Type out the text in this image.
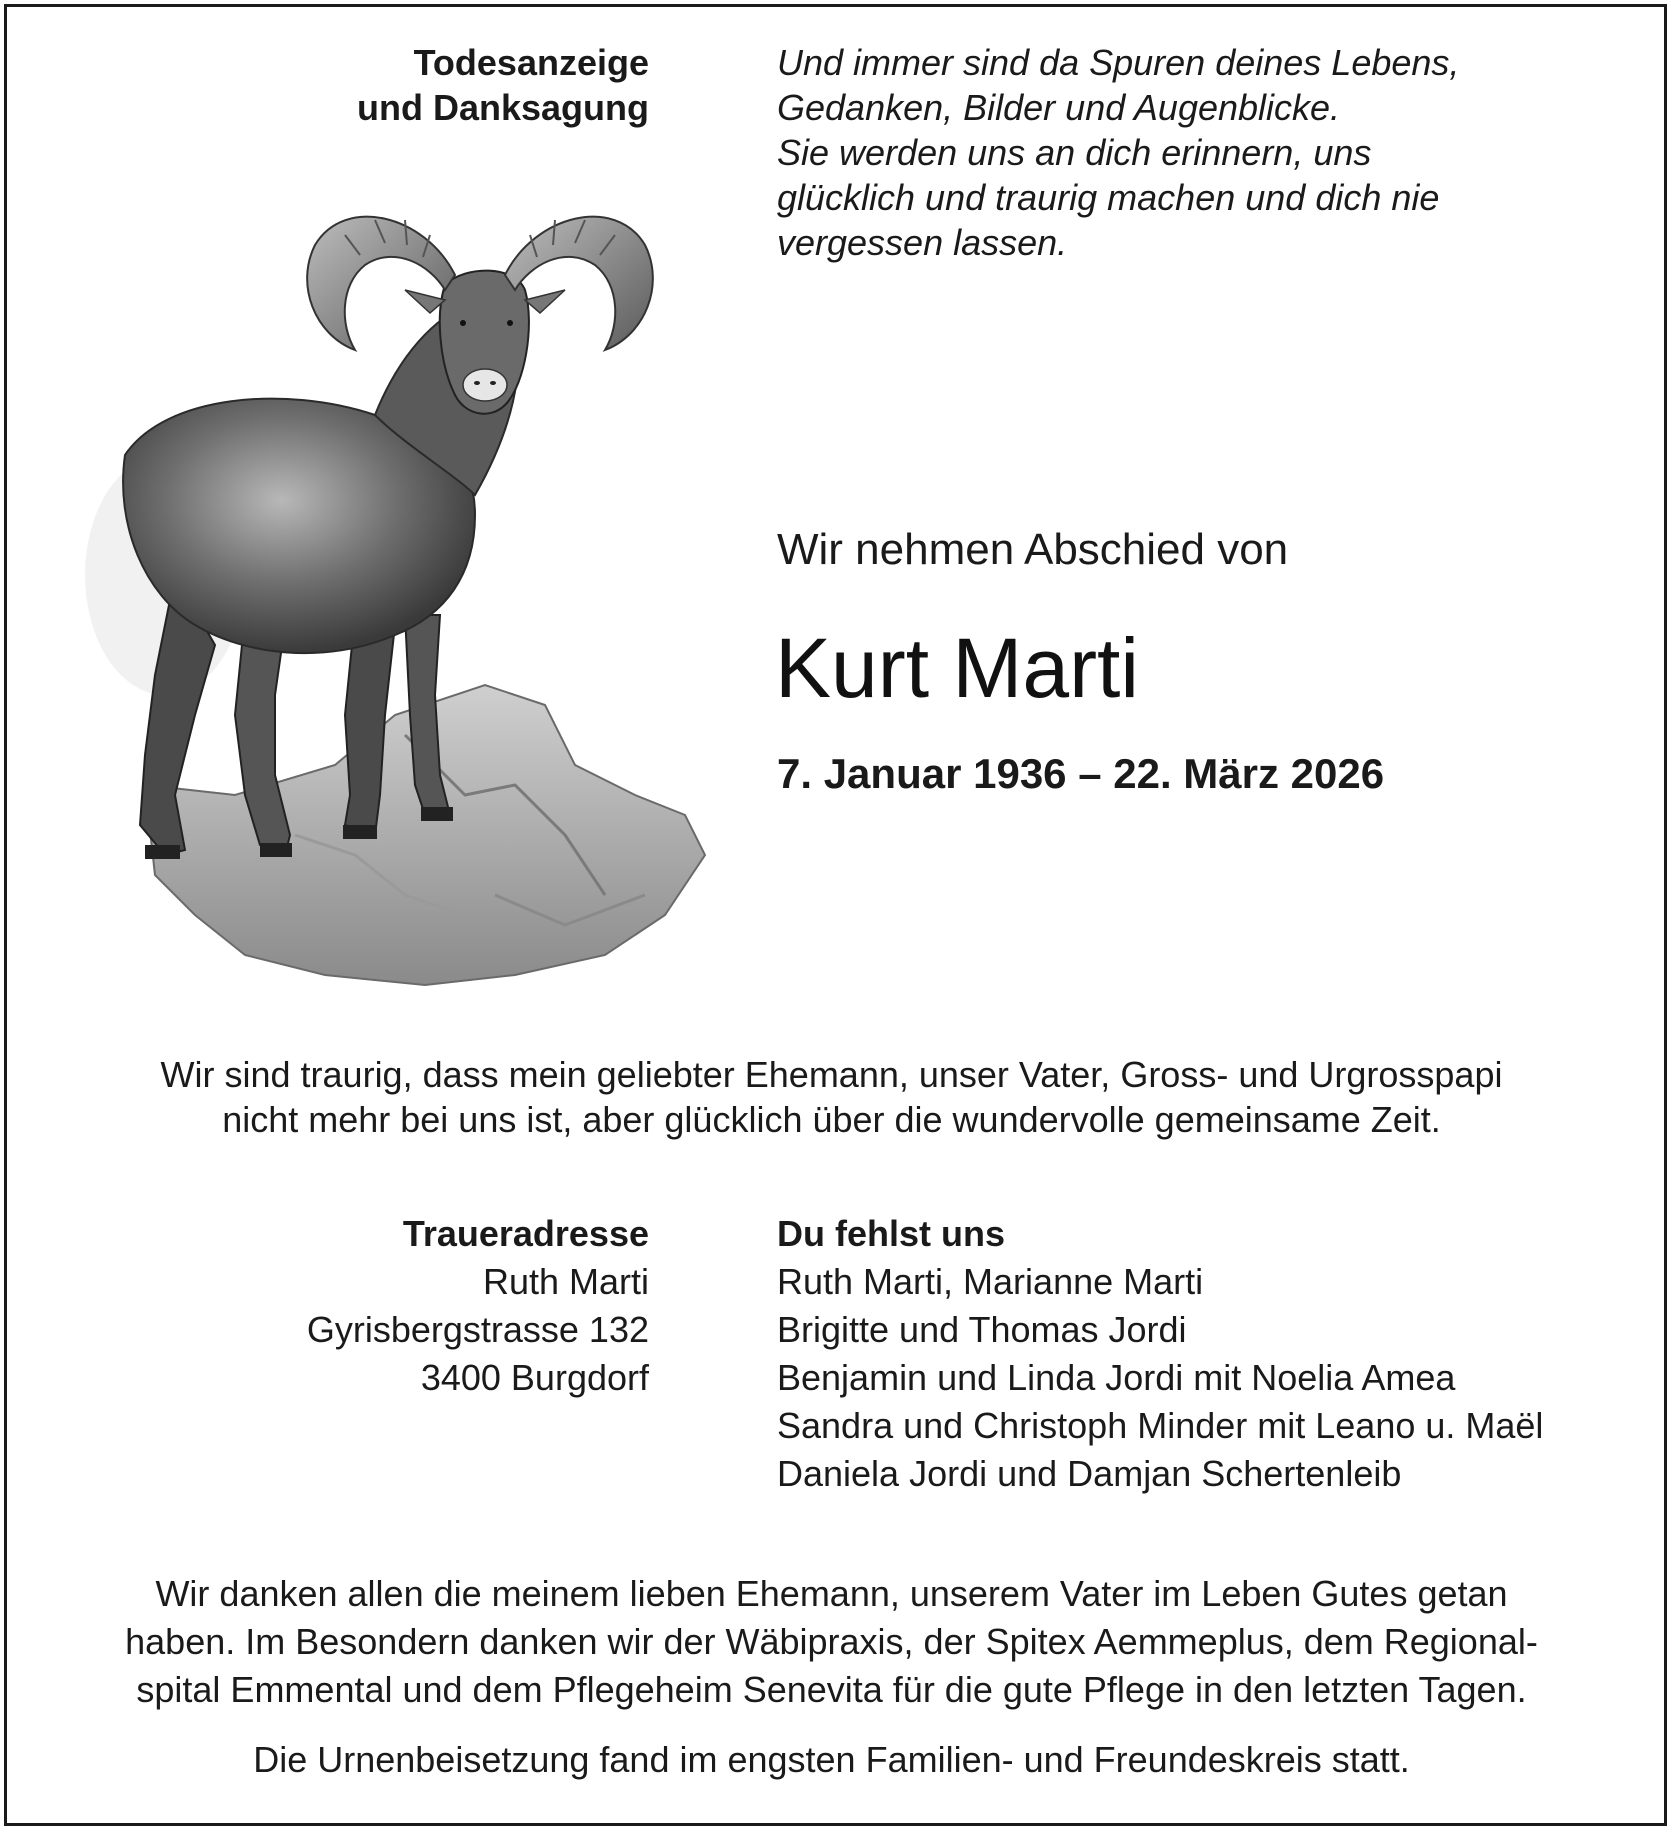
Todesanzeige
und Danksagung
Und immer sind da Spuren deines Lebens,
Gedanken, Bilder und Augenblicke.
Sie werden uns an dich erinnern, uns
glücklich und traurig machen und dich nie
vergessen lassen.
Wir nehmen Abschied von
Kurt Marti
7. Januar 1936 – 22. März 2026
Wir sind traurig, dass mein geliebter Ehemann, unser Vater, Gross- und Urgrosspapi
nicht mehr bei uns ist, aber glücklich über die wundervolle gemeinsame Zeit.
Traueradresse
Ruth Marti
Gyrisbergstrasse 132
3400 Burgdorf
Du fehlst uns
Ruth Marti, Marianne Marti
Brigitte und Thomas Jordi
Benjamin und Linda Jordi mit Noelia Amea
Sandra und Christoph Minder mit Leano u. Maël
Daniela Jordi und Damjan Schertenleib
Wir danken allen die meinem lieben Ehemann, unserem Vater im Leben Gutes getan
haben. Im Besondern danken wir der Wäbipraxis, der Spitex Aemmeplus, dem Regional-
spital Emmental und dem Pflegeheim Senevita für die gute Pflege in den letzten Tagen.
Die Urnenbeisetzung fand im engsten Familien- und Freundeskreis statt.
